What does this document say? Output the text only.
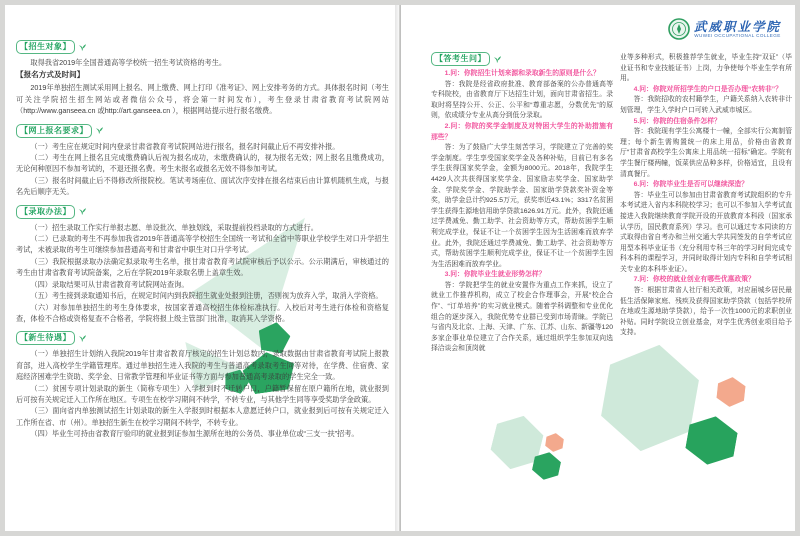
【招生对象】

取得我省2019年全国普通高等学校统一招生考试资格的考生。

【报名方式及时间】

2019年单独招生测试采用网上报名、网上缴费、网上打印《准考证》、网上安排考务的方式。具体报名时间（考生可关注学院招生招生网站或者微信公众号，将会第一时间发布），考生登录甘肃省教育考试院网站（http://www.ganseea.cn 或http://art.ganseea.cn ），根据网站提示进行报名缴费。

【网上报名要求】

（一）考生应在规定时间内登录甘肃省教育考试院网站进行报名，报名时间截止后不再安排补报。

（二）考生在网上报名且完成缴费确认后视为报名成功，未缴费确认的，视为报名无效；网上报名且缴费成功，无论何种原因不参加考试的，不退还报名费。考生未报名或报名无效不得参加考试。

（三）报名时间截止后不得修改所报院校。笔试考场座位、面试次序安排在报名结束后由计算机随机生成，与报名先后顺序无关。

【录取办法】

（一）招生录取工作实行单报志愿、单设批次、单独划线，采取提前投档录取的方式进行。

（二）已录取的考生不再参加我省2019年普通高等学校招生全国统一考试和全省中等职业学校学生对口升学招生考试，未被录取的考生可继续参加普通高考和甘肃省中职生对口升学考试。

（三）我院根据录取办法确定拟录取考生名单，报甘肃省教育考试院审核后予以公示。公示期满后，审核通过的考生由甘肃省教育考试院备案，之后在学院2019年录取名册上盖章生效。

（四）录取结果可从甘肃省教育考试院网站查询。

（五）考生接到录取通知书后，在规定时间内到我院招生就业处报到注册，否则视为放弃入学，取消入学资格。

（六）对参加单独招生的考生身体要求，按国家普通高校招生体检标准执行。入校后对考生进行体检和资格复查，体检不合格或资格复查不合格者，学院将报上级主管部门批准，取消其入学资格。

【新生待遇】

（一）单独招生计划纳入我院2019年甘肃省教育厅核定的招生计划总数内，录取数据由甘肃省教育考试院上报教育部，进入高校学生学籍管理库。通过单独招生进入我院的考生与普通高考录取考生同等对待，在学费、住宿费、家庭经济困难学生资助、奖学金、日常教学管理和毕业证书等方面与参加普通高考录取的学生完全一致。

（二）贫困专项计划录取的新生（简称专项生）入学报到时不迁转户口，户籍暂保留在原户籍所在地，就业报到后可按有关规定迁入工作所在地区。专项生在校学习期间不转学，不转专业，与其他学生同等享受奖助学金政策。

（三）面向省内单独测试招生计划录取的新生入学报到时根据本人意愿迁转户口，就业报到后可按有关规定迁入工作所在省、市（州）。单独招生新生在校学习期间不转学，不转专业。

（四）毕业生可持由省教育厅验印的就业报到证参加生源所在地的公务员、事业单位或“三支一扶”招考。

武威职业学院
WUWEI OCCUPATIONAL COLLEGE
【答考生问】

1.问：你院招生计划来源和录取新生的原则是什么？

答：我院是经省政府批准、教育部备案的公办普通高等专科院校，由省教育厅下达招生计划，面向甘肃省招生。录取时将坚持公开、公正、公平和“尊重志愿，分数优先”的原则，依成绩分专业从高分到低分录取。

2.问：你院的奖学金制度及对特困大学生的补助措施有那些？

答：为了鼓励广大学生刻苦学习，学院建立了完善的奖学金制度。学生享受国家奖学金及各种补贴，目前已有多名学生获得国家奖学金，金额为8000元。2018年，我院学生4429人次共获得国家奖学金、国家励志奖学金、国家助学金、学院奖学金、学院助学金、国家助学贷款奖补资金等奖，助学金总计约925.5万元，获奖率近43.1%；3317名贫困学生获得生源地信用助学贷款1626.91万元。此外，我院还通过学费减免、勤工助学、社会资助等方式，帮助贫困学生顺利完成学业，保证不让一个贫困学生因为生活困难而放弃学业。此外，我院还通过学费减免、勤工助学、社会资助等方式，帮助贫困学生顺利完成学业，保证不让一个贫困学生因为生活困难而放弃学业。

3.问：你院毕业生就业形势怎样？

答：学院把学生的就业安置作为重点工作来抓，设立了就业工作推荐机构，成立了校企合作理事会，开展“校企合作”、“订单培养”的实习就业模式。随着学科调整和专业优化组合的逐步深入，我院优势专业群已受到市场青睐。学院已与省内及北京、上海、天津、广东、江苏、山东、新疆等120多家企事业单位建立了合作关系，通过组织学生参加双向选择洽谈会和顶岗就

业等多种形式，积极推荐学生就业，毕业生持“双证”（毕业证书和专业技能证书）上岗，力争使每个毕业生学有所用。

4.问：你院对所招学生的户口是否办理“农转非”？

答：我院招收的农村籍学生，户籍关系纳入农转非计划管理，学生入学时户口可转入武威市城区。

5.问：你院的住宿条件怎样？

答：我院现有学生公寓楼十一幢，全部实行公寓制管理；每个新生需购置统一的床上用品，价格由省教育厅“甘肃省高校学生公寓床上用品统一招标”确定。学院有学生餐厅楼两幢，饭菜供应品种多样，价格适宜，且设有清真餐厅。

6.问：你院毕业生是否可以继续深造？

答：毕业生可以参加由甘肃省教育考试院组织的专升本考试进入省内本科院校学习；也可以不参加入学考试直接进入我院继续教育学院开设的开放教育本科段（国家承认学历，国民教育系列）学习。也可以通过专本同读的方式取得由省自考办和兰州交通大学共同签发的自学考试应用型本科毕业证书（充分利用专科三年的学习时间完成专科本科的课程学习，并同时取得计划内专科和自学考试相关专业的本科毕业证）。

7.问：你校的就业创业有哪些优惠政策？

答：根据甘肃省人社厅相关政策，对应届城乡居民最低生活保障家庭、残疾及获得国家助学贷款（包括学校所在地或生源地助学贷款），给予一次性1000元的求职创业补贴。同时学院设立创业基金，对学生优秀创业项目给予支持。
